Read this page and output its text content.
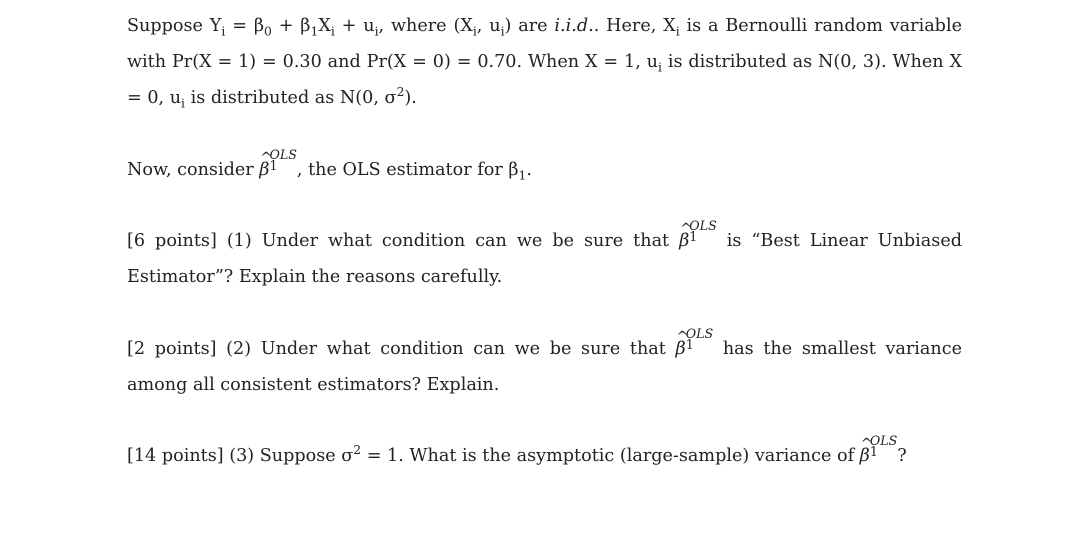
Suppose $Y_i = \beta_0 + \beta_1X_i + u_i$, where ($X_i$, $u_i$) are i.i.d.. Here, $X_i$ is a Bernoulli random variable with Pr(X = 1) = 0.30 and Pr(X = 0) = 0.70. When X = 1, $u_i$ is distributed as N(0, 3). When X = 0, $u_i$ is distributed as N(0, $\sigma^2$).

Now, consider
^
β
OLS
1	, the OLS estimator for $\beta_1$.

[6 points] (1) Under what condition can we be sure that
^
β
OLS
1	is “Best Linear Unbiased Estimator”? Explain the reasons carefully.

[2 points] (2) Under what condition can we be sure that
^
β
OLS
1	has the smallest variance among all consistent estimators? Explain.

[14 points] (3) Suppose $\sigma^2 = 1$. What is the asymptotic (large-sample) variance of
^
β
OLS
1	?
